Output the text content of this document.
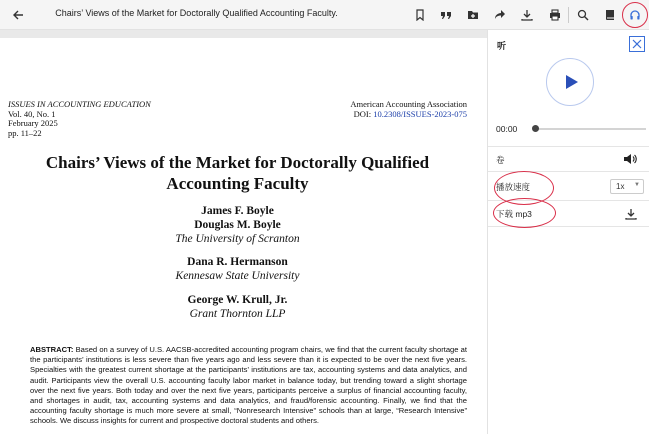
Chairs’ Views of the Market for Doctorally Qualified Accounting Faculty.
ISSUES IN ACCOUNTING EDUCATION
Vol. 40, No. 1
February 2025
pp. 11–22
American Accounting Association
DOI: 10.2308/ISSUES-2023-075
Chairs’ Views of the Market for Doctorally Qualified
Accounting Faculty
James F. Boyle
Douglas M. Boyle
The University of Scranton
Dana R. Hermanson
Kennesaw State University
George W. Krull, Jr.
Grant Thornton LLP
ABSTRACT: Based on a survey of U.S. AACSB-accredited accounting program chairs, we find that the current faculty shortage at the participants’ institutions is less severe than five years ago and less severe than it is expected to be over the next five years. Specialties with the greatest current shortage at the participants’ institutions are tax, accounting systems and data analytics, and audit. Participants view the overall U.S. accounting faculty labor market in balance today, but trending toward a slight shortage over the next five years. Both today and over the next five years, participants perceive a surplus of financial accounting faculty, and shortages in audit, tax, accounting systems and data analytics, and fraud/forensic accounting. Finally, we find that the accounting faculty shortage is much more severe at small, “Nonresearch Intensive” schools than at large, “Research Intensive” schools. We discuss insights for current and prospective doctoral students and others.
听
00:00
卷
播放速度	1x ▼
下载 mp3
